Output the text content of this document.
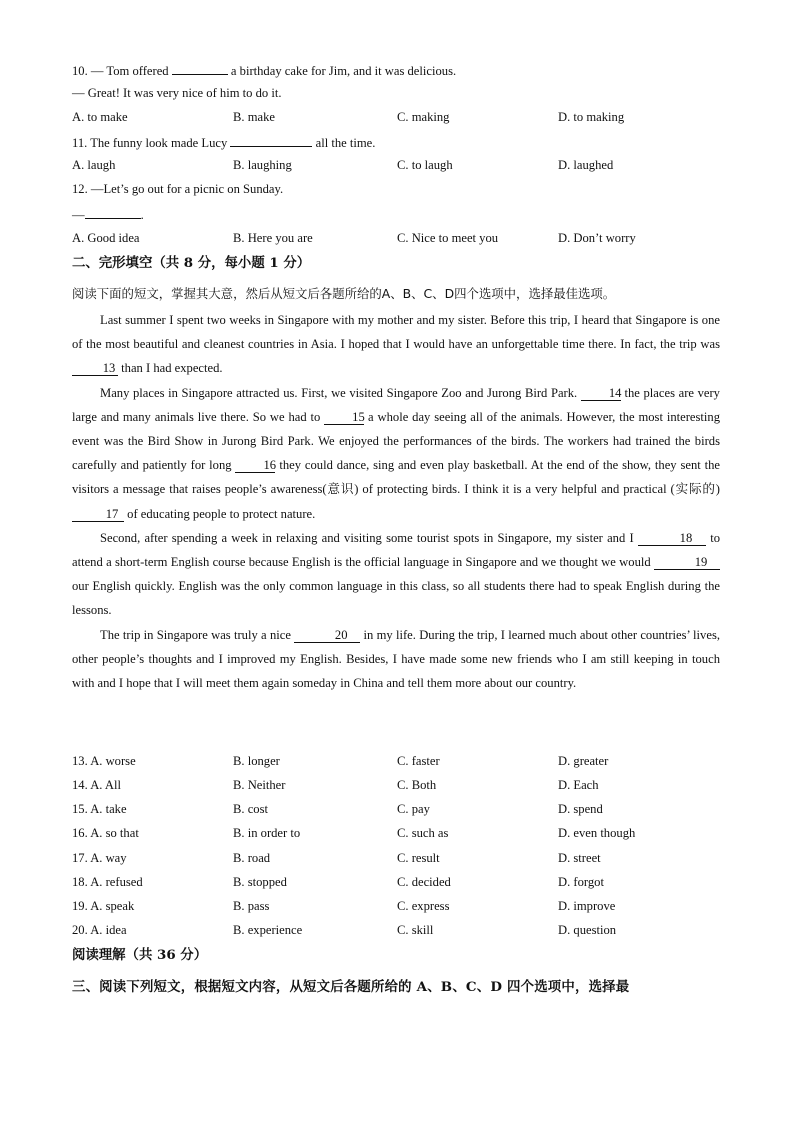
10. — Tom offered	a birthday cake for Jim, and it was delicious.
— Great! It was very nice of him to do it.
A. to make	B. make	C. making	D. to making
11. The funny look made Lucy	all the time.
A. laugh	B. laughing	C. to laugh	D. laughed
12. —Let’s go out for a picnic on Sunday.
—	.
A. Good idea	B. Here you are	C. Nice to meet you	D. Don’t worry
二、完形填空（共 8 分，每小题 1 分）
阅读下面的短文，掌握其大意，然后从短文后各题所给的A、B、C、D四个选项中，选择最佳选项。

Last summer I spent two weeks in Singapore with my mother and my sister. Before this trip, I heard that Singapore is one of the most beautiful and cleanest countries in Asia. I hoped that I would have an unforgettable time there. In fact, the trip was 13 than I had expected.

Many places in Singapore attracted us. First, we visited Singapore Zoo and Jurong Bird Park.	14 the places are very large and many animals live there. So we had to	15 a whole day seeing all of the animals. However, the most interesting event was the Bird Show in Jurong Bird Park. We enjoyed the performances of the birds. The workers had trained the birds carefully and patiently for long	16 they could dance, sing and even play basketball. At the end of the show, they sent the visitors a message that raises people’s awareness(意识) of protecting birds. I think it is a very helpful and practical (实际的) 17 of educating people to protect nature.

Second, after spending a week in relaxing and visiting some tourist spots in Singapore, my sister and I	18 to attend a short-term English course because English is the official language in Singapore and we thought we would	19 our English quickly. English was the only common language in this class, so all students there had to speak English during the lessons.

The trip in Singapore was truly a nice	20 in my life. During the trip, I learned much about other countries’ lives, other people’s thoughts and I improved my English. Besides, I have made some new friends who I am still keeping in touch with and I hope that I will meet them again someday in China and tell them more about our country.

13. A. worse	B. longer	C. faster	D. greater
14. A. All	B. Neither	C. Both	D. Each
15. A. take	B. cost	C. pay	D. spend
16. A. so that	B. in order to	C. such as	D. even though
17. A. way	B. road	C. result	D. street
18. A. refused	B. stopped	C. decided	D. forgot
19. A. speak	B. pass	C. express	D. improve
20. A. idea	B. experience	C. skill	D. question
阅读理解（共 36 分）
三、阅读下列短文，根据短文内容，从短文后各题所给的 A、B、C、D 四个选项中，选择最
